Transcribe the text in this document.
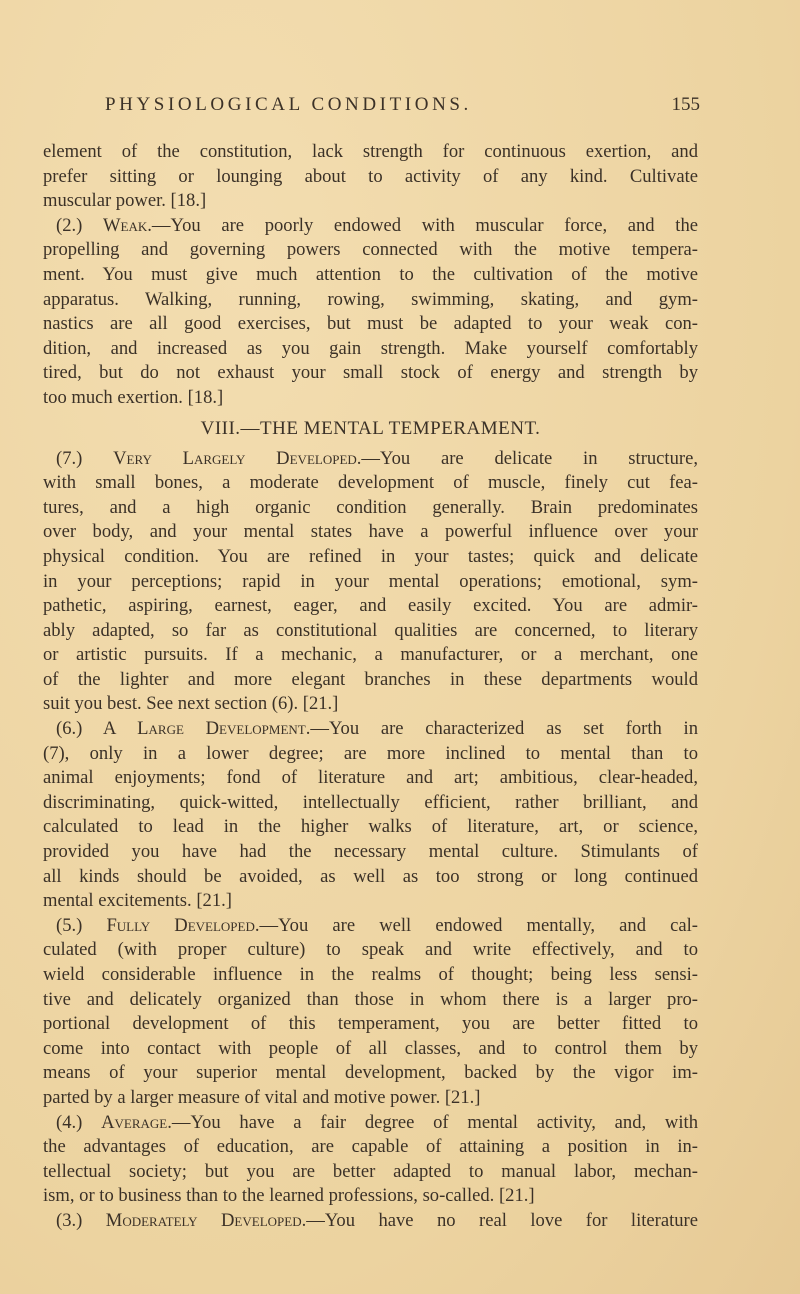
PHYSIOLOGICAL CONDITIONS.	155
element of the constitution, lack strength for continuous exertion, and
prefer sitting or lounging about to activity of any kind. Cultivate
muscular power. [18.]
(2.) Weak.—You are poorly endowed with muscular force, and the
propelling and governing powers connected with the motive tempera-
ment. You must give much attention to the cultivation of the motive
apparatus. Walking, running, rowing, swimming, skating, and gym-
nastics are all good exercises, but must be adapted to your weak con-
dition, and increased as you gain strength. Make yourself comfortably
tired, but do not exhaust your small stock of energy and strength by
too much exertion. [18.]
VIII.—THE MENTAL TEMPERAMENT.
(7.) Very Largely Developed.—You are delicate in structure,
with small bones, a moderate development of muscle, finely cut fea-
tures, and a high organic condition generally. Brain predominates
over body, and your mental states have a powerful influence over your
physical condition. You are refined in your tastes; quick and delicate
in your perceptions; rapid in your mental operations; emotional, sym-
pathetic, aspiring, earnest, eager, and easily excited. You are admir-
ably adapted, so far as constitutional qualities are concerned, to literary
or artistic pursuits. If a mechanic, a manufacturer, or a merchant, one
of the lighter and more elegant branches in these departments would
suit you best. See next section (6). [21.]
(6.) A Large Development.—You are characterized as set forth in
(7), only in a lower degree; are more inclined to mental than to
animal enjoyments; fond of literature and art; ambitious, clear-headed,
discriminating, quick-witted, intellectually efficient, rather brilliant, and
calculated to lead in the higher walks of literature, art, or science,
provided you have had the necessary mental culture. Stimulants of
all kinds should be avoided, as well as too strong or long continued
mental excitements. [21.]
(5.) Fully Developed.—You are well endowed mentally, and cal-
culated (with proper culture) to speak and write effectively, and to
wield considerable influence in the realms of thought; being less sensi-
tive and delicately organized than those in whom there is a larger pro-
portional development of this temperament, you are better fitted to
come into contact with people of all classes, and to control them by
means of your superior mental development, backed by the vigor im-
parted by a larger measure of vital and motive power. [21.]
(4.) Average.—You have a fair degree of mental activity, and, with
the advantages of education, are capable of attaining a position in in-
tellectual society; but you are better adapted to manual labor, mechan-
ism, or to business than to the learned professions, so-called. [21.]
(3.) Moderately Developed.—You have no real love for literature
